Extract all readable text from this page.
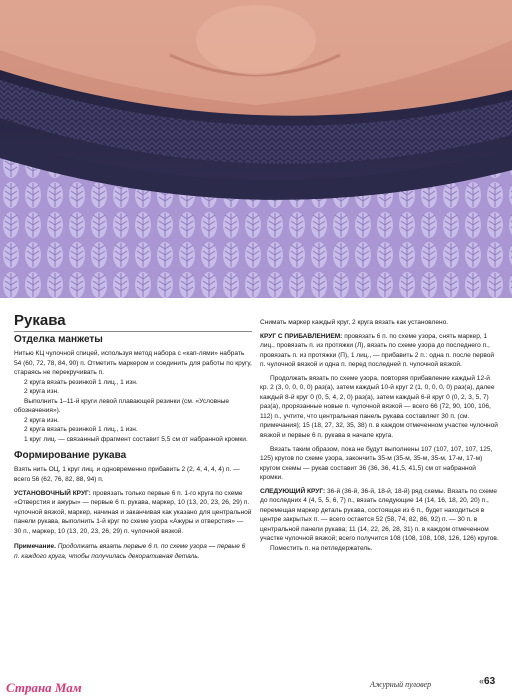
Рукава
Отделка манжеты

Нитью КЦ чулочной спицей, используя метод набора с «кап-лями» набрать 54 (60, 72, 78, 84, 90) п. Отметить маркером и соединить для работы по кругу, стараясь не перекручивать п.

2 круга вязать резинкой 1 лиц., 1 изн.

2 круга изн.

Выполнить 1–11-й круги левой плавающей резинки (см. «Условные обозначения»).

2 круга изн.

2 круга вязать резинкой 1 лиц., 1 изн.

1 круг лиц. — связанный фрагмент составит 5,5 см от набранной кромки.

Формирование рукава

Взять нить ОЦ, 1 круг лиц. и одновременно прибавить 2 (2, 4, 4, 4, 4) п. — всего 56 (62, 76, 82, 88, 94) п.

УСТАНОВОЧНЫЙ КРУГ: провязать только первые 6 п. 1-го круга по схеме «Отверстия и ажуры» — первые 6 п. рукава, маркер, 10 (13, 20, 23, 26, 29) п. чулочной вязкой, маркер, начиная и заканчивая как указано для центральной панели рукава, выполнить 1-й круг по схеме узора «Ажуры и отверстия» — 30 п., маркер, 10 (13, 20, 23, 26, 29) п. чулочной вязкой.

Примечание. Продолжать вязать первые 6 п. по схеме узора — первые 6 п. каждого круга, чтобы получилась декоративная деталь.

Снимать маркер каждый круг, 2 круга вязать как установлено.

КРУГ С ПРИБАВЛЕНИЕМ: провязать 6 п. по схеме узора, снять маркер, 1 лиц., провязать п. из протяжки (Л), вязать по схеме узора до последнего п., провязать п. из протяжки (П), 1 лиц., — прибавить 2 п.: одна п. после первой п. чулочной вязкой и одна п. перед последней п. чулочной вязкой.

Продолжать вязать по схеме узора, повторяя прибавление каждый 12-й кр. 2 (3, 0, 0, 0, 0) раз(а), затем каждый 10-й круг 2 (1, 0, 0, 0, 0) раз(а), далее каждый 8-й круг 0 (0, 5, 4, 2, 0) раз(а), затем каждый 6-й круг 0 (0, 2, 3, 5, 7) раз(а), прорязанные новые п. чулочной вязкой — всего 66 (72, 90, 100, 106, 112) п., учтите, что центральная панель рукава составляет 30 п. (см. примечания); 15 (18, 27, 32, 35, 38) п. в каждом отмеченном участке чулочной вязкой и первые 6 п. рукава в начале круга.

Вязать таким образом, пока не будут выполнены 107 (107, 107, 107, 125, 125) кругов по схеме узора, закончить 35-м (35-м, 35-м, 35-м, 17-м, 17-м) кругом схемы — рукав составит 36 (36, 36, 41,5, 41,5) см от набранной кромки.

СЛЕДУЮЩИЙ КРУГ: 36-й (36-й, 36-й, 18-й, 18-й) ряд схемы. Вязать по схеме до последних 4 (4, 5, 5, 6, 7) п., вязать следующие 14 (14, 16, 18, 20, 20) п., перемещая маркер деталь рукава, состоящая из 6 п., будет находиться в центре закрытых п. — всего остается 52 (58, 74, 82, 86, 92) п. — 30 п. в центральной панели рукава; 11 (14, 22, 26, 28, 31) п. в каждом отмеченном участке чулочной вязкой; всего получится 108 (108, 108, 108, 126, 126) кругов.

Поместить п. на петледержатель.

Страна Мам	Ажурный пуловер	«63
